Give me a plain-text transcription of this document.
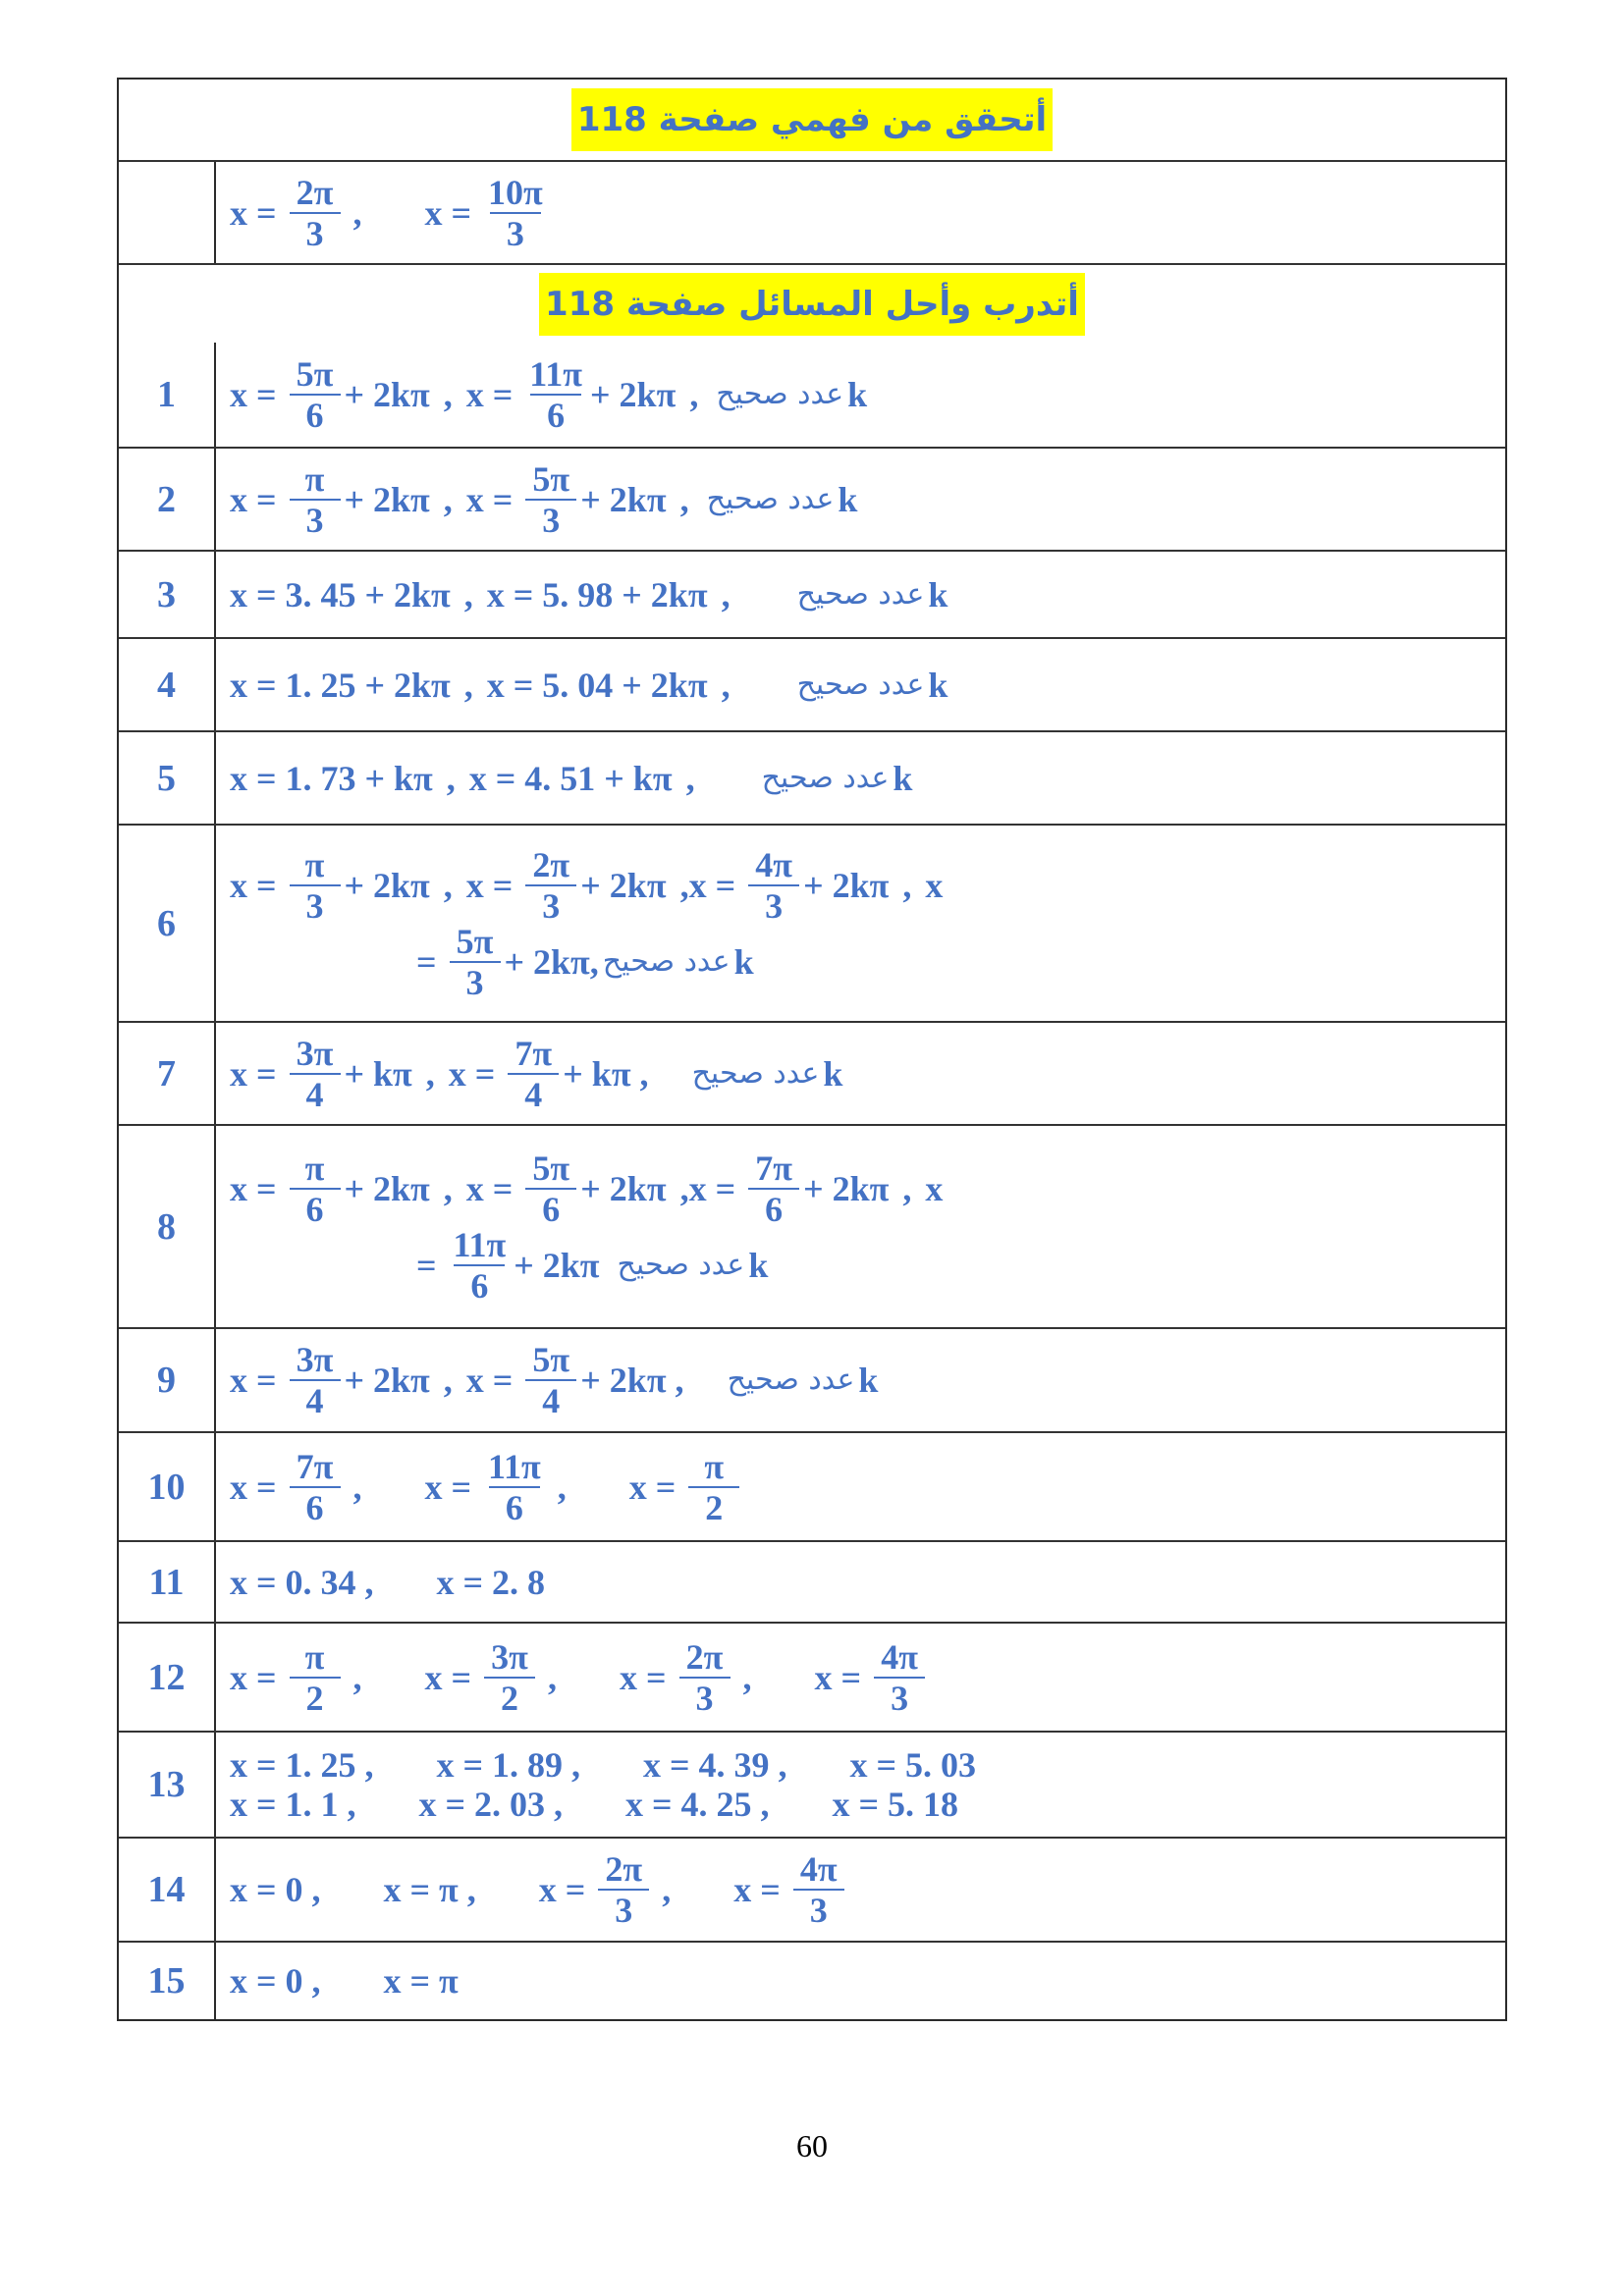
أتحقق من فهمي صفحة 118
$x = \frac{2\pi}{3}$ , $x = \frac{10\pi}{3}$
أتدرب وأحل المسائل صفحة 118
1	$x = \frac{5\pi}{6} + 2k\pi$ , $x = \frac{11\pi}{6} + 2k\pi$ , عدد صحيح k
2	$x = \frac{\pi}{3} + 2k\pi$ , $x = \frac{5\pi}{3} + 2k\pi$ , عدد صحيح k
3	x = 3. 45 + 2kπ , x = 5. 98 + 2kπ , عدد صحيح k
4	x = 1. 25 + 2kπ , x = 5. 04 + 2kπ , عدد صحيح k
5	x = 1. 73 + kπ , x = 4. 51 + kπ , عدد صحيح k
6
$x = \frac{\pi}{3} + 2k\pi$ , $x = \frac{2\pi}{3} + 2k\pi$ $,x = \frac{4\pi}{3} + 2k\pi$ , x
= $\frac{5\pi}{3} + 2k\pi$, عدد صحيح k
7	$x = \frac{3\pi}{4} + k\pi$ , $x = \frac{7\pi}{4} + k\pi$ , عدد صحيح k
8
$x = \frac{\pi}{6} + 2k\pi$ , $x = \frac{5\pi}{6} + 2k\pi$ $,x = \frac{7\pi}{6} + 2k\pi$ , x
= $\frac{11\pi}{6} + 2k\pi$ عدد صحيح k
9	$x = \frac{3\pi}{4} + 2k\pi$ , $x = \frac{5\pi}{4} + 2k\pi$ , عدد صحيح k
10	$x = \frac{7\pi}{6}$ , $x = \frac{11\pi}{6}$ , $x = \frac{\pi}{2}$
11	x = 0. 34 , x = 2. 8
12	$x = \frac{\pi}{2}$ , $x = \frac{3\pi}{2}$ , $x = \frac{2\pi}{3}$ , $x = \frac{4\pi}{3}$
13	x = 1. 25 , x = 1. 89 , x = 4. 39 , x = 5. 03
x = 1. 1 , x = 2. 03 , x = 4. 25 , x = 5. 18
14	x = 0 , x = π , $x = \frac{2\pi}{3}$ , $x = \frac{4\pi}{3}$
15	x = 0 , x = π
60
